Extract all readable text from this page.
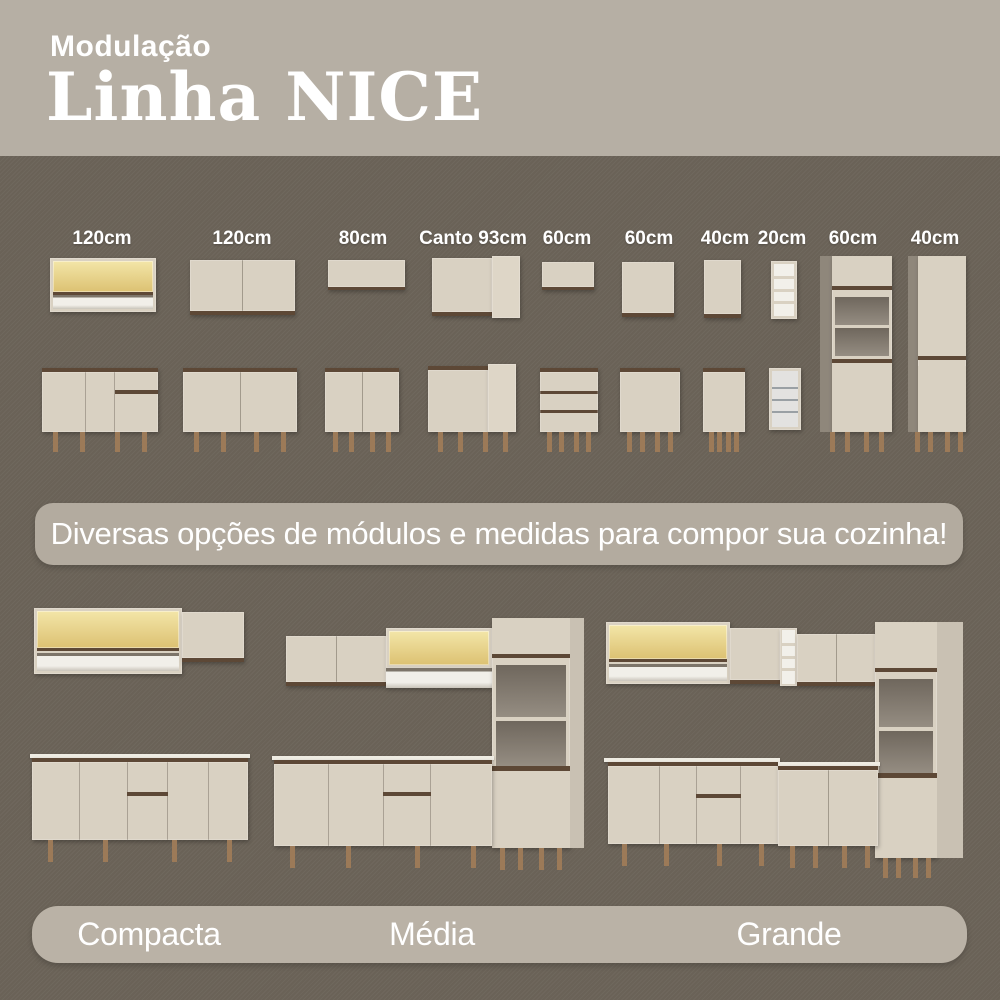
Modulação
Linha NICE
120cm	120cm	80cm	Canto 93cm 60cm	60cm	40cm 20cm	60cm	40cm
Diversas opções de módulos e medidas para compor sua cozinha!
Compacta	Média	Grande
